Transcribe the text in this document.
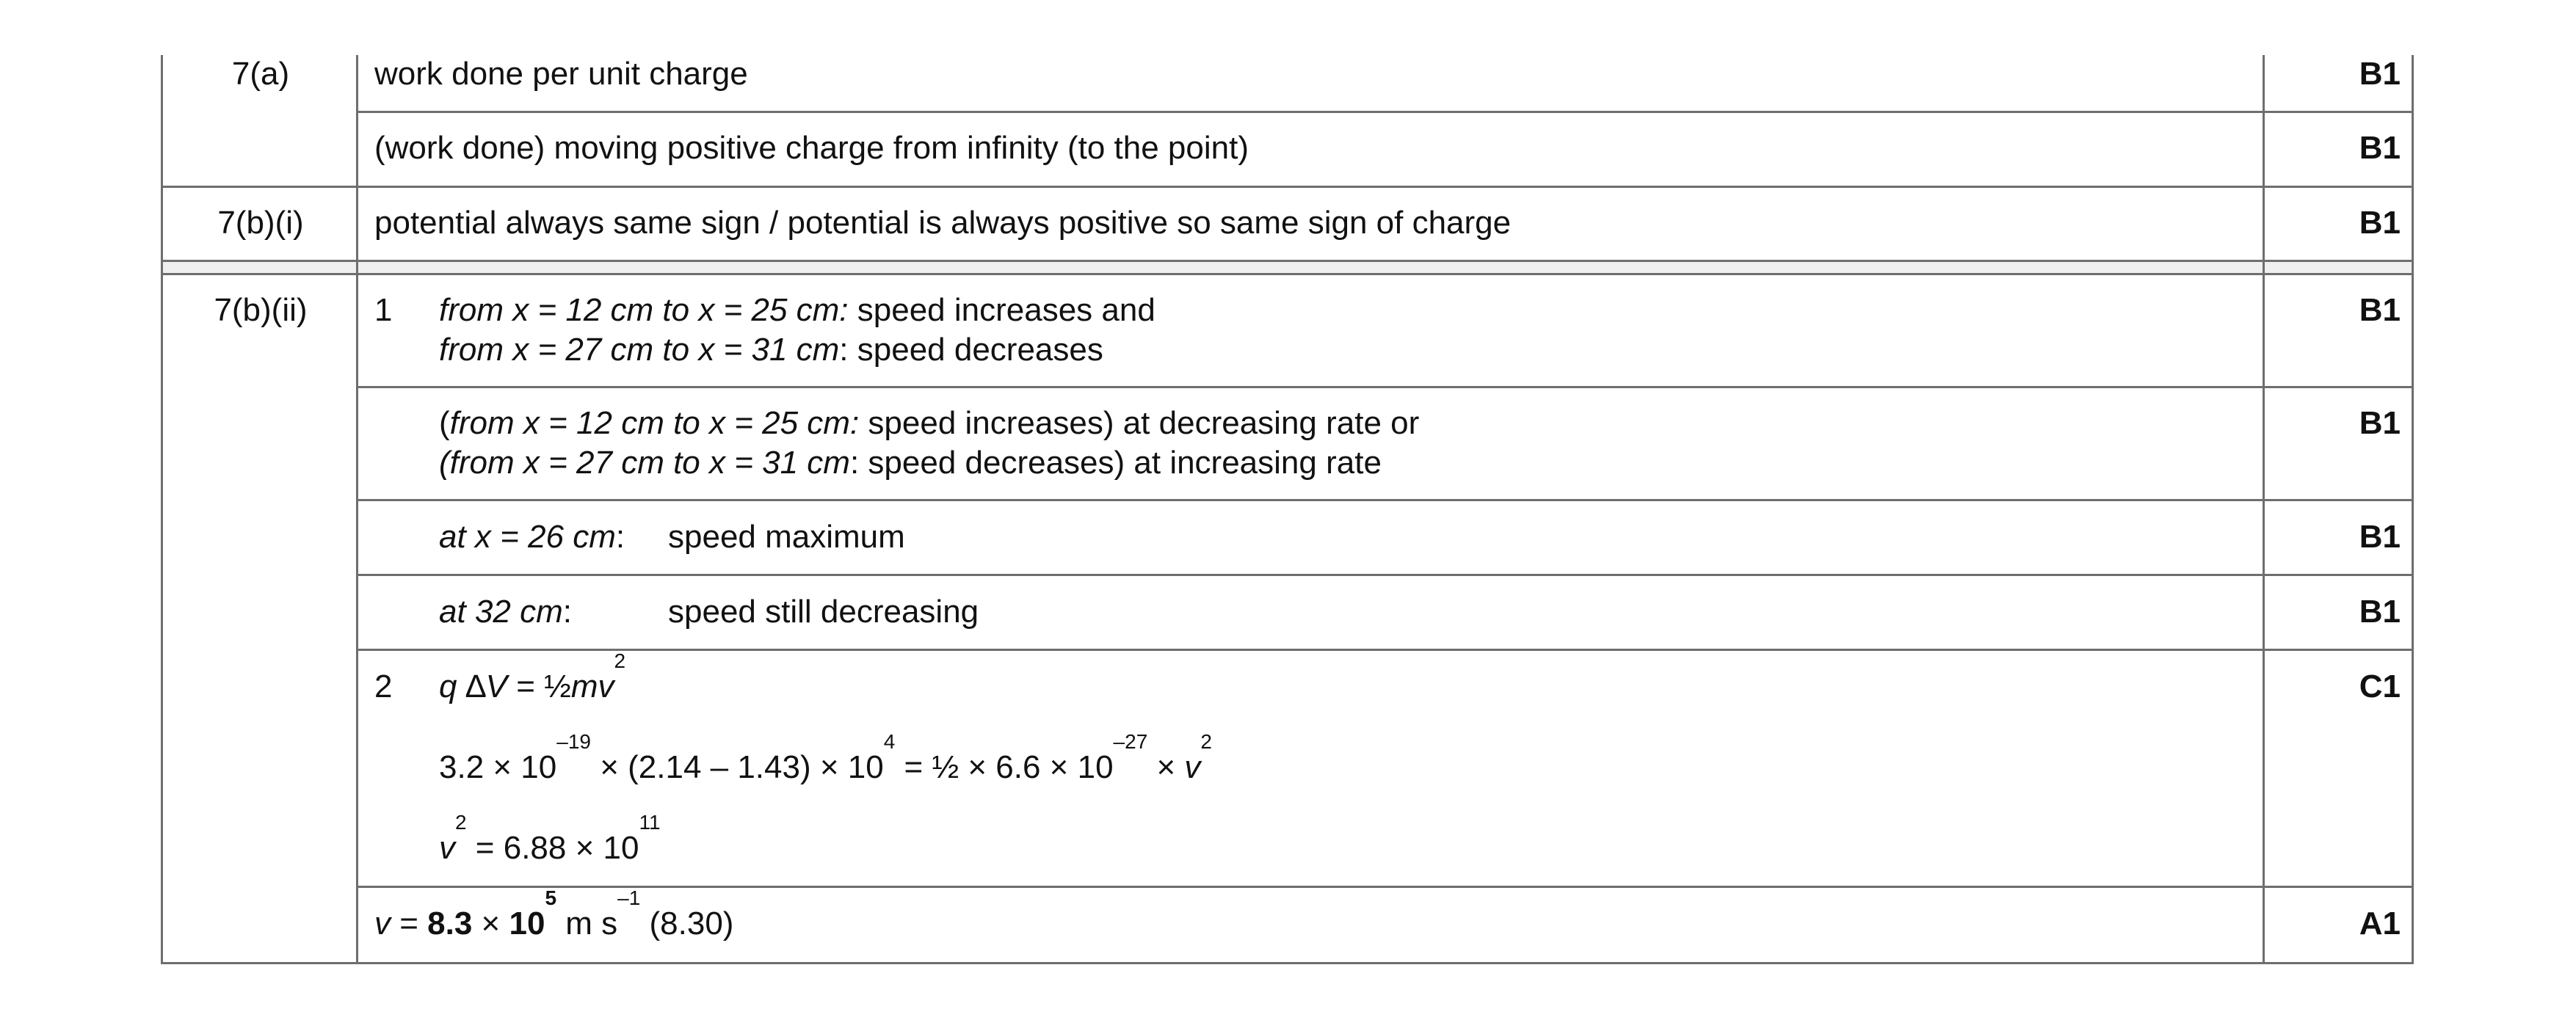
7(a)	work done per unit charge	B1
(work done) moving positive charge from infinity (to the point)	B1
7(b)(i)	potential always same sign / potential is always positive so same sign of charge	B1
7(b)(ii)	1 from x = 12 cm to x = 25 cm: speed increases and
from x = 27 cm to x = 31 cm: speed decreases
B1
(from x = 12 cm to x = 25 cm: speed increases) at decreasing rate or
(from x = 27 cm to x = 31 cm: speed decreases) at increasing rate
B1
at x = 26 cm: speed maximum	B1
at 32 cm:	speed still decreasing	B1
2 q $\Delta V = \frac{1}{2}mv^2$
$3.2 \times 10^{-19} \times (2.14 - 1.43) \times 10^4$ = ½ × $6.6 \times 10^{-27} \times v^2$
$v^2 = 6.88 \times 10^{11}$
C1
$v = 8.3 \times 10^5$ m $s^{-1}$ (8.30)	A1
